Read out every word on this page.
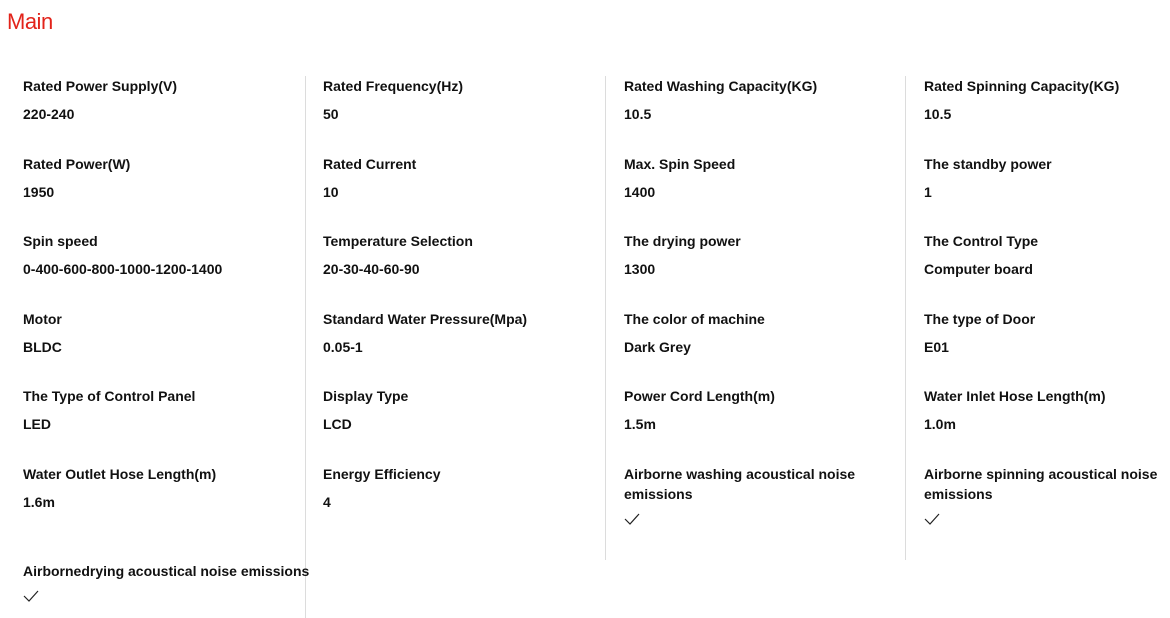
Main
Rated Power Supply(V)
220-240
Rated Power(W)
1950
Spin speed
0-400-600-800-1000-1200-1400
Motor
BLDC
The Type of Control Panel
LED
Water Outlet Hose Length(m)
1.6m
Airbornedrying acoustical noise emissions
Rated Frequency(Hz)
50
Rated Current
10
Temperature Selection
20-30-40-60-90
Standard Water Pressure(Mpa)
0.05-1
Display Type
LCD
Energy Efficiency
4
Rated Washing Capacity(KG)
10.5
Max. Spin Speed
1400
The drying power
1300
The color of machine
Dark Grey
Power Cord Length(m)
1.5m
Airborne washing acoustical noise emissions
Rated Spinning Capacity(KG)
10.5
The standby power
1
The Control Type
Computer board
The type of Door
E01
Water Inlet Hose Length(m)
1.0m
Airborne spinning acoustical noise emissions
